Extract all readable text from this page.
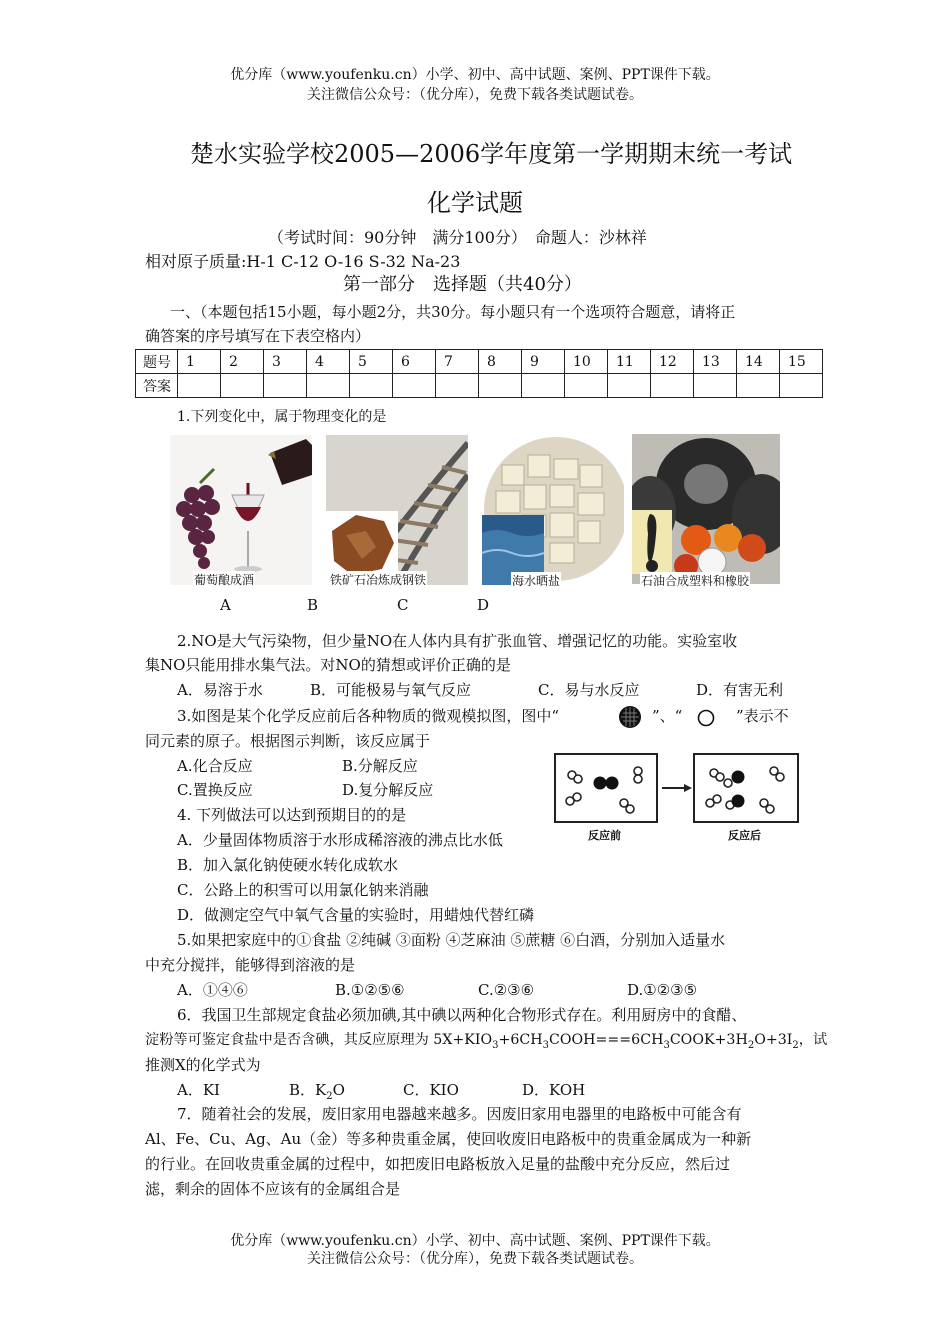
优分库（www.youfenku.cn）小学、初中、高中试题、案例、PPT课件下载。
关注微信公众号：（优分库），免费下载各类试题试卷。
楚水实验学校2005—2006学年度第一学期期末统一考试
化学试题
（考试时间：90分钟　满分100分）　命题人：沙林祥
相对原子质量:H-1 C-12 O-16 S-32 Na-23
第一部分　选择题（共40分）
一、（本题包括15小题，每小题2分，共30分。每小题只有一个选项符合题意，请将正
确答案的序号填写在下表空格内）
题号	1	2	3	4	5	6	7	8	9	10	11	12	13	14	15
答案															
1.下列变化中，属于物理变化的是
葡萄酿成酒	铁矿石冶炼成钢铁	海水晒盐	石油合成塑料和橡胶
A	B	C	D
2.NO是大气污染物，但少量NO在人体内具有扩张血管、增强记忆的功能。实验室收
集NO只能用排水集气法。对NO的猜想或评价正确的是
A．易溶于水	B．可能极易与氧气反应	C．易与水反应	D．有害无利
3.如图是某个化学反应前后各种物质的微观模拟图，图中“	”、“	”表示不
同元素的原子。根据图示判断，该反应属于
A.化合反应	B.分解反应
C.置换反应	D.复分解反应
反应前	反应后
4. 下列做法可以达到预期目的的是
A．少量固体物质溶于水形成稀溶液的沸点比水低
B．加入氯化钠使硬水转化成软水
C．公路上的积雪可以用氯化钠来消融
D．做测定空气中氧气含量的实验时，用蜡烛代替红磷
5.如果把家庭中的①食盐 ②纯碱 ③面粉 ④芝麻油 ⑤蔗糖 ⑥白酒，分别加入适量水
中充分搅拌，能够得到溶液的是
A．①④⑥	B.①②⑤⑥	C.②③⑥	D.①②③⑤
6．我国卫生部规定食盐必须加碘,其中碘以两种化合物形式存在。利用厨房中的食醋、
淀粉等可鉴定食盐中是否含碘，其反应原理为 $5X+KIO_3+6CH_3COOH===6CH_3COOK+3H_2O+3I_2$，试
推测X的化学式为
A．KI	B．$K_2O$	C．KIO	D．KOH
7．随着社会的发展，废旧家用电器越来越多。因废旧家用电器里的电路板中可能含有
Al、Fe、Cu、Ag、Au（金）等多种贵重金属，使回收废旧电路板中的贵重金属成为一种新
的行业。在回收贵重金属的过程中，如把废旧电路板放入足量的盐酸中充分反应，然后过
滤，剩余的固体不应该有的金属组合是
优分库（www.youfenku.cn）小学、初中、高中试题、案例、PPT课件下载。
关注微信公众号：（优分库），免费下载各类试题试卷。
